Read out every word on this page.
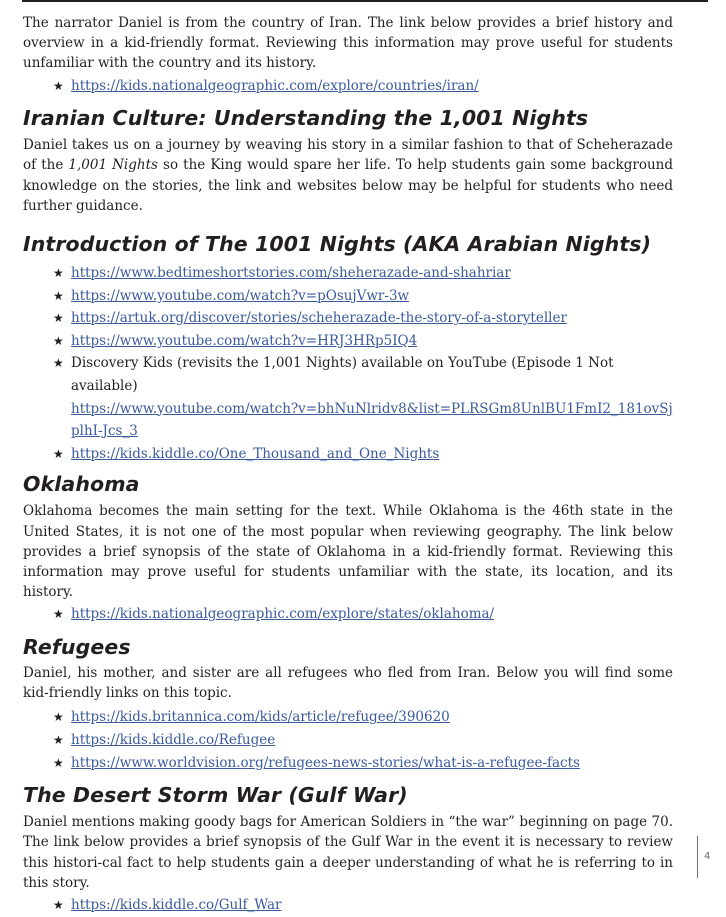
The narrator Daniel is from the country of Iran. The link below provides a brief history and overview in a kid-friendly format. Reviewing this information may prove useful for students unfamiliar with the country and its history.

★ https://kids.nationalgeographic.com/explore/countries/iran/
Iranian Culture: Understanding the 1,001 Nights

Daniel takes us on a journey by weaving his story in a similar fashion to that of Scheherazade of the 1,001 Nights so the King would spare her life. To help students gain some background knowledge on the stories, the link and websites below may be helpful for students who need further guidance.

Introduction of The 1001 Nights (AKA Arabian Nights)
★ https://www.bedtimeshortstories.com/sheherazade-and-shahriar
★ https://www.youtube.com/watch?v=pOsujVwr-3w
★ https://artuk.org/discover/stories/scheherazade-the-story-of-a-storyteller
★ https://www.youtube.com/watch?v=HRJ3HRp5IQ4
★ Discovery Kids (revisits the 1,001 Nights) available on YouTube (Episode 1 Not available)
https://www.youtube.com/watch?v=bhNuNlridv8&list=PLRSGm8UnlBU1FmI2_181ovSjplhI-Jcs_3
★ https://kids.kiddle.co/One_Thousand_and_One_Nights
Oklahoma

Oklahoma becomes the main setting for the text. While Oklahoma is the 46th state in the United States, it is not one of the most popular when reviewing geography. The link below provides a brief synopsis of the state of Oklahoma in a kid-friendly format. Reviewing this information may prove useful for students unfamiliar with the state, its location, and its history.

★ https://kids.nationalgeographic.com/explore/states/oklahoma/
Refugees

Daniel, his mother, and sister are all refugees who fled from Iran. Below you will find some kid-friendly links on this topic.

★ https://kids.britannica.com/kids/article/refugee/390620
★ https://kids.kiddle.co/Refugee
★ https://www.worldvision.org/refugees-news-stories/what-is-a-refugee-facts
The Desert Storm War (Gulf War)

Daniel mentions making goody bags for American Soldiers in “the war” beginning on page 70. The link below provides a brief synopsis of the Gulf War in the event it is necessary to review this histori-cal fact to help students gain a deeper understanding of what he is referring to in this story.

★ https://kids.kiddle.co/Gulf_War
4
